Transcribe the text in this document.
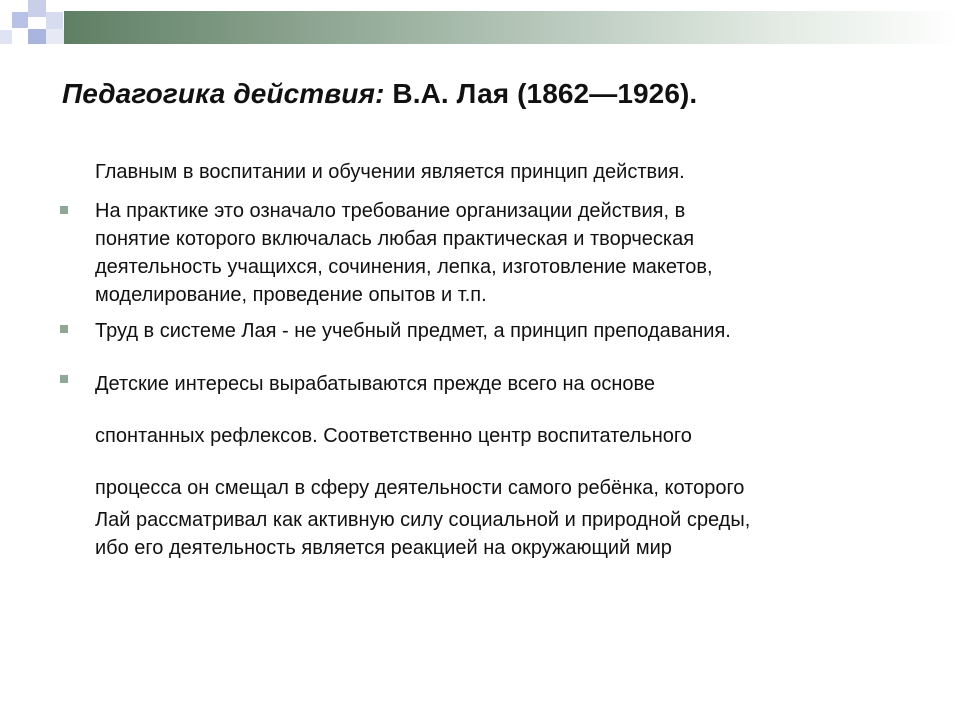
Педагогика действия: В.А. Лая (1862—1926).
Главным в воспитании и обучении является принцип действия.
На практике это означало требование организации действия, в
понятие которого включалась любая практическая и творческая
деятельность учащихся, сочинения, лепка, изготовление макетов,
моделирование, проведение опытов и т.п.
Труд в системе Лая - не учебный предмет, а принцип преподавания.
Детские интересы вырабатываются прежде всего на основе
спонтанных рефлексов. Соответственно центр воспитательного
процесса он смещал в сферу деятельности самого ребёнка, которого
Лай рассматривал как активную силу социальной и природной среды,
ибо его деятельность является реакцией на окружающий мир
